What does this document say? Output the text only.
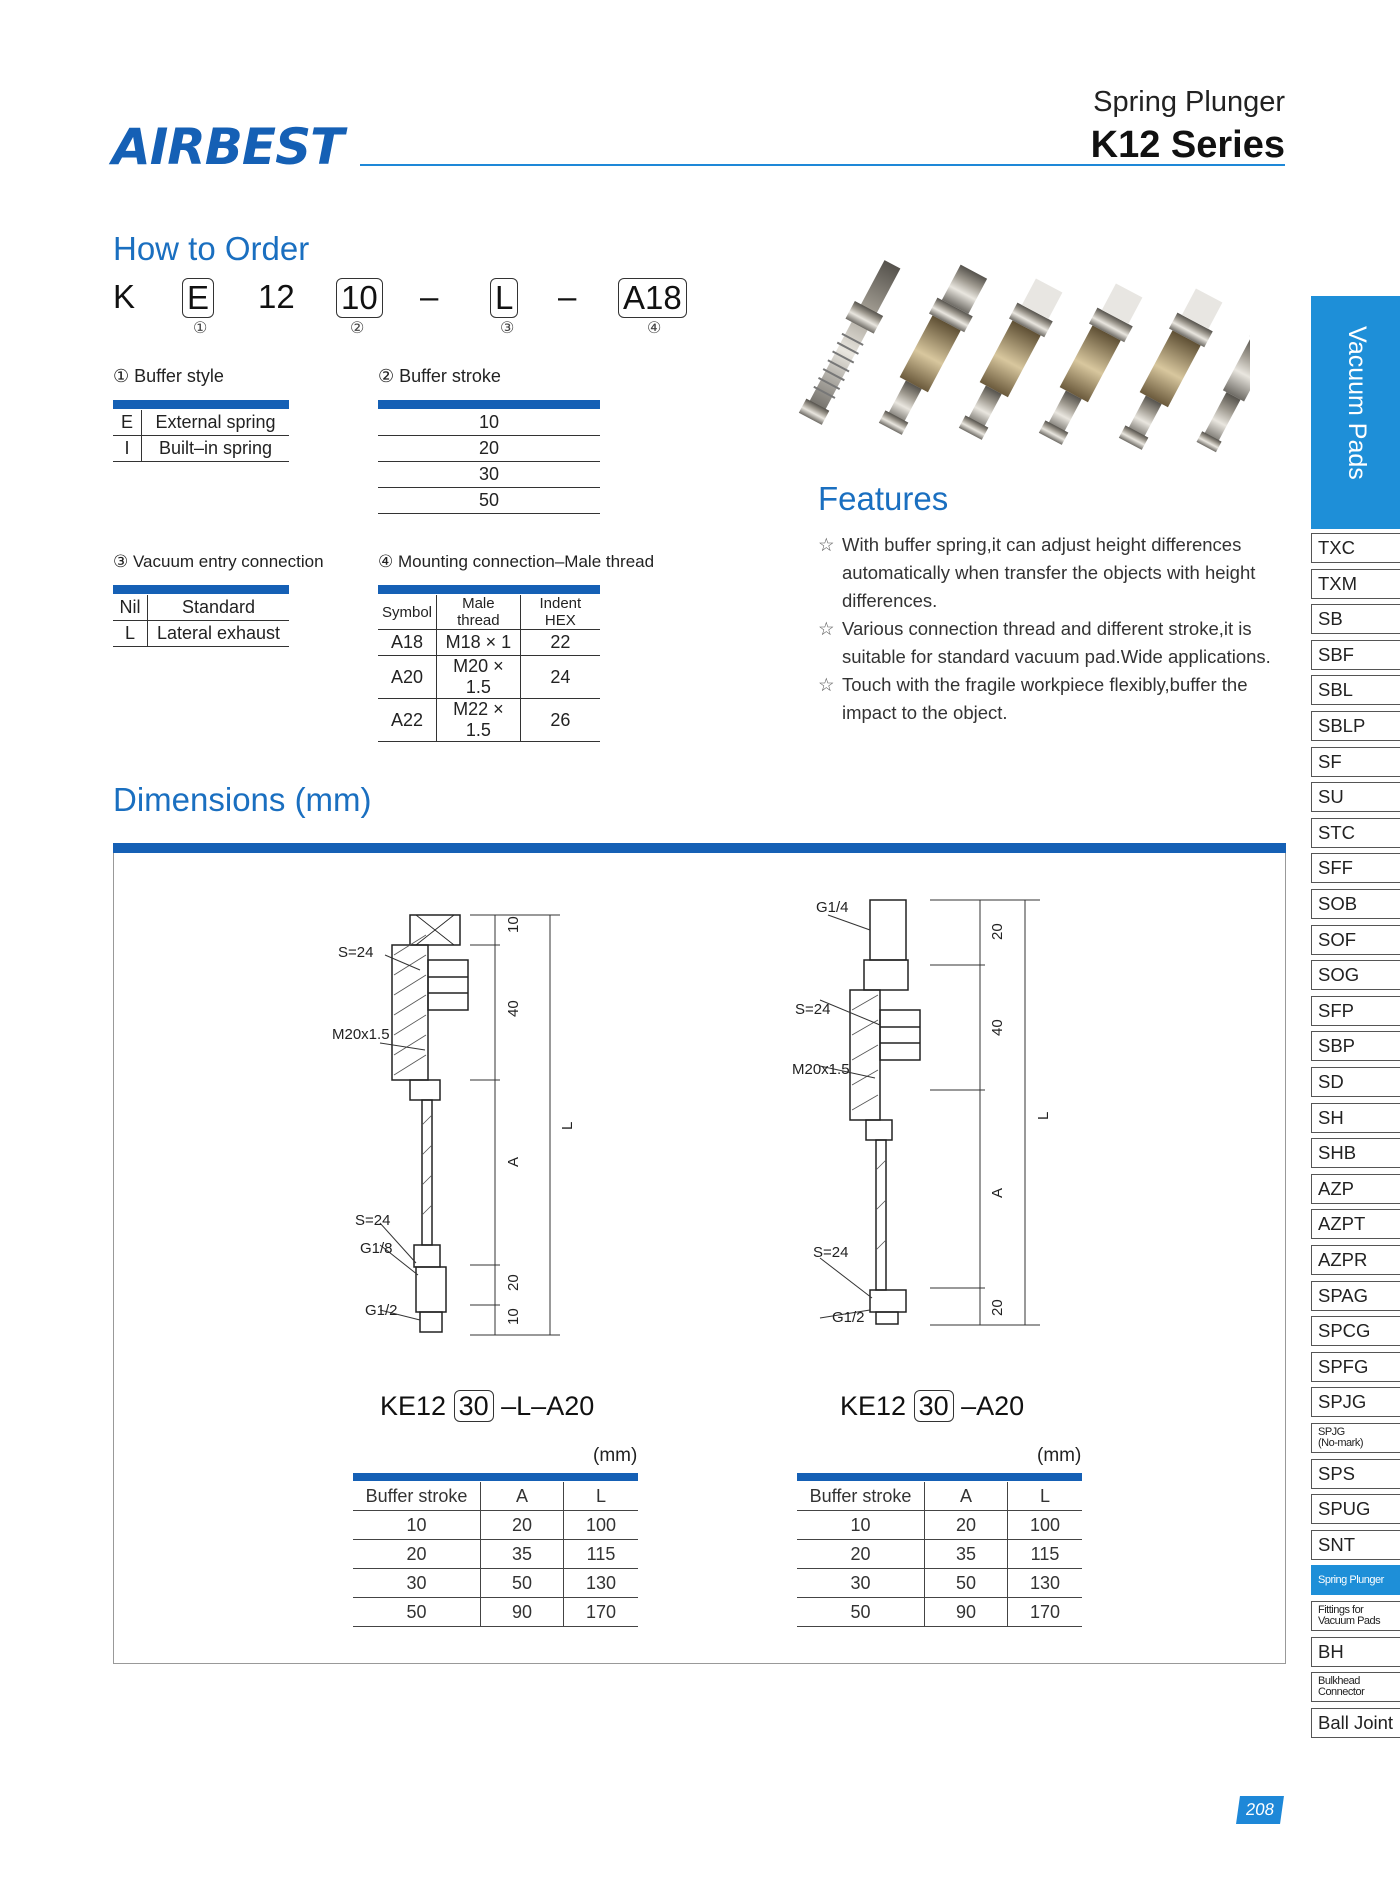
AIRBEST
Spring Plunger
K12 Series
How to Order
K E 12 10 – L – A18
①	②	③	④
① Buffer style
E	External spring
I	Built–in spring
② Buffer stroke
10
20
30
50
③ Vacuum entry connection
Nil	Standard
L	Lateral exhaust
④ Mounting connection–Male thread
Symbol	Male thread	Indent HEX
A18	M18 × 1	22
A20	M20 × 1.5	24
A22	M22 × 1.5	26
Features
☆ With buffer spring,it can adjust height differences automatically when transfer the objects with height differences.
☆ Various connection thread and different stroke,it is suitable for standard vacuum pad.Wide applications.
☆ Touch with the fragile workpiece flexibly,buffer the impact to the object.
Dimensions (mm)
S=24
M20x1.5
S=24
G1/8
G1/2
10
40
A
L
20
10
G1/4
S=24
M20x1.5
S=24
G1/2
20
40
A
L
20
KE12 30 –L–A20
(mm)
Buffer stroke	A	L
10	20	100
20	35	115
30	50	130
50	90	170
KE12 30 –A20
(mm)
Buffer stroke	A	L
10	20	100
20	35	115
30	50	130
50	90	170
Vacuum Pads
TXC
TXM
SB
SBF
SBL
SBLP
SF
SU
STC
SFF
SOB
SOF
SOG
SFP
SBP
SD
SH
SHB
AZP
AZPT
AZPR
SPAG
SPCG
SPFG
SPJG
SPJG
(No-mark)
SPS
SPUG
SNT
Spring Plunger
Fittings for
Vacuum Pads
BH
Bulkhead
Connector
Ball Joint
208
